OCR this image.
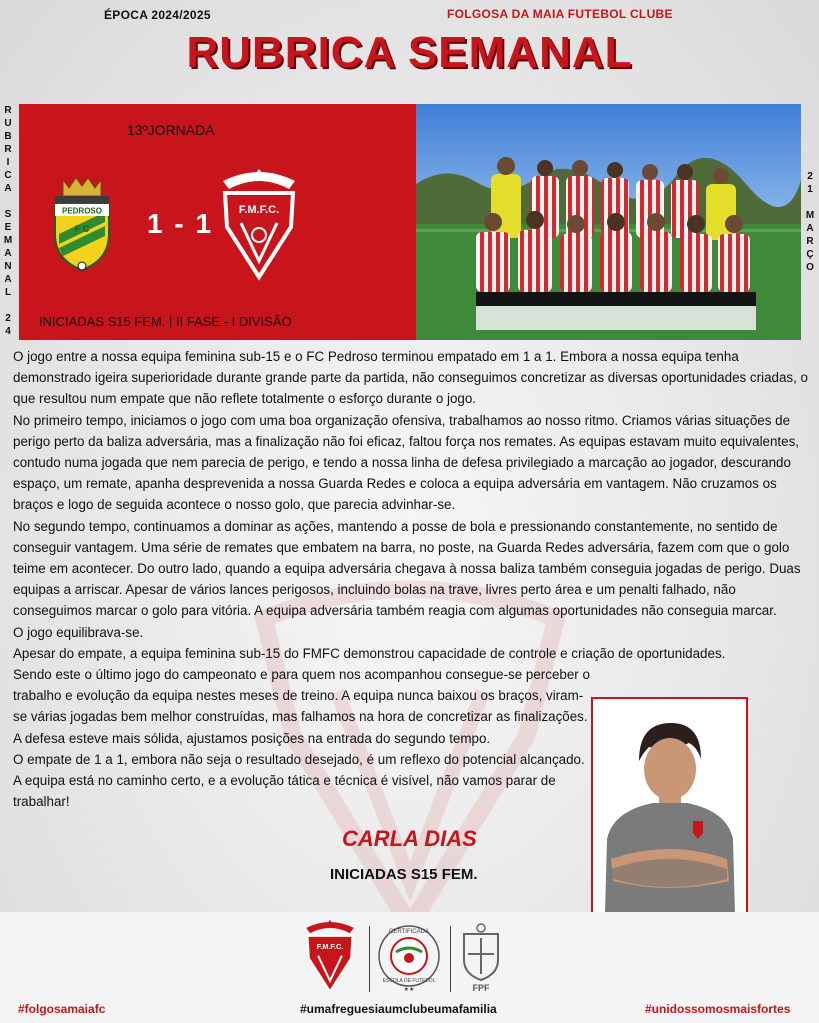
ÉPOCA 2024/2025	FOLGOSA DA MAIA FUTEBOL CLUBE
RUBRICA SEMANAL
R
U
B
R
I
C
A

S
E
M
A
N
A
L

2
4
2
1

M
A
R
Ç
O
13ºJORNADA
PEDROSO
F C 1 - 1 F.M.F.C.
INICIADAS S15 FEM. | II FASE - I DIVISÃO

O jogo entre a nossa equipa feminina sub-15 e o FC Pedroso terminou empatado em 1 a 1. Embora a nossa equipa tenha demonstrado igeira superioridade durante grande parte da partida, não conseguimos concretizar as diversas oportunidades criadas, o que resultou num empate que não reflete totalmente o esforço durante o jogo.

No primeiro tempo, iniciamos o jogo com uma boa organização ofensiva, trabalhamos ao nosso ritmo. Criamos várias situações de perigo perto da baliza adversária, mas a finalização não foi eficaz, faltou força nos remates. As equipas estavam muito equivalentes, contudo numa jogada que nem parecia de perigo, e tendo a nossa linha de defesa privilegiado a marcação ao jogador, descurando espaço, um remate, apanha desprevenida a nossa Guarda Redes e coloca a equipa adversária em vantagem. Não cruzamos os braços e logo de seguida acontece o nosso golo, que parecia advinhar-se.

No segundo tempo, continuamos a dominar as ações, mantendo a posse de bola e pressionando constantemente, no sentido de conseguir vantagem. Uma série de remates que embatem na barra, no poste, na Guarda Redes adversária, fazem com que o golo teime em acontecer. Do outro lado, quando a equipa adversária chegava à nossa baliza também conseguia jogadas de perigo. Duas equipas a arriscar. Apesar de vários lances perigosos, incluindo bolas na trave, livres perto área e um penalti falhado, não conseguimos marcar o golo para vitória. A equipa adversária também reagia com algumas oportunidades não conseguia marcar.

O jogo equilibrava-se.

Apesar do empate, a equipa feminina sub-15 do FMFC demonstrou capacidade de controle e criação de oportunidades.

Sendo este o último jogo do campeonato e para quem nos acompanhou consegue-se perceber o trabalho e evolução da equipa nestes meses de treino. A equipa nunca baixou os braços, viram-se várias jogadas bem melhor construídas, mas falhamos na hora de concretizar as finalizações. A defesa esteve mais sólida, ajustamos posições na entrada do segundo tempo.

O empate de 1 a 1, embora não seja o resultado desejado, é um reflexo do potencial alcançado.

A equipa está no caminho certo, e a evolução tática e técnica é visível, não vamos parar de trabalhar!

CARLA DIAS
INICIADAS S15 FEM.
F.M.F.C.
CERTIFICADA
ESCOLA DE FUTEBOL
★★	FPF
#folgosamaiafc	#umafreguesiaumclubeumafamilia	#unidossomosmaisfortes
